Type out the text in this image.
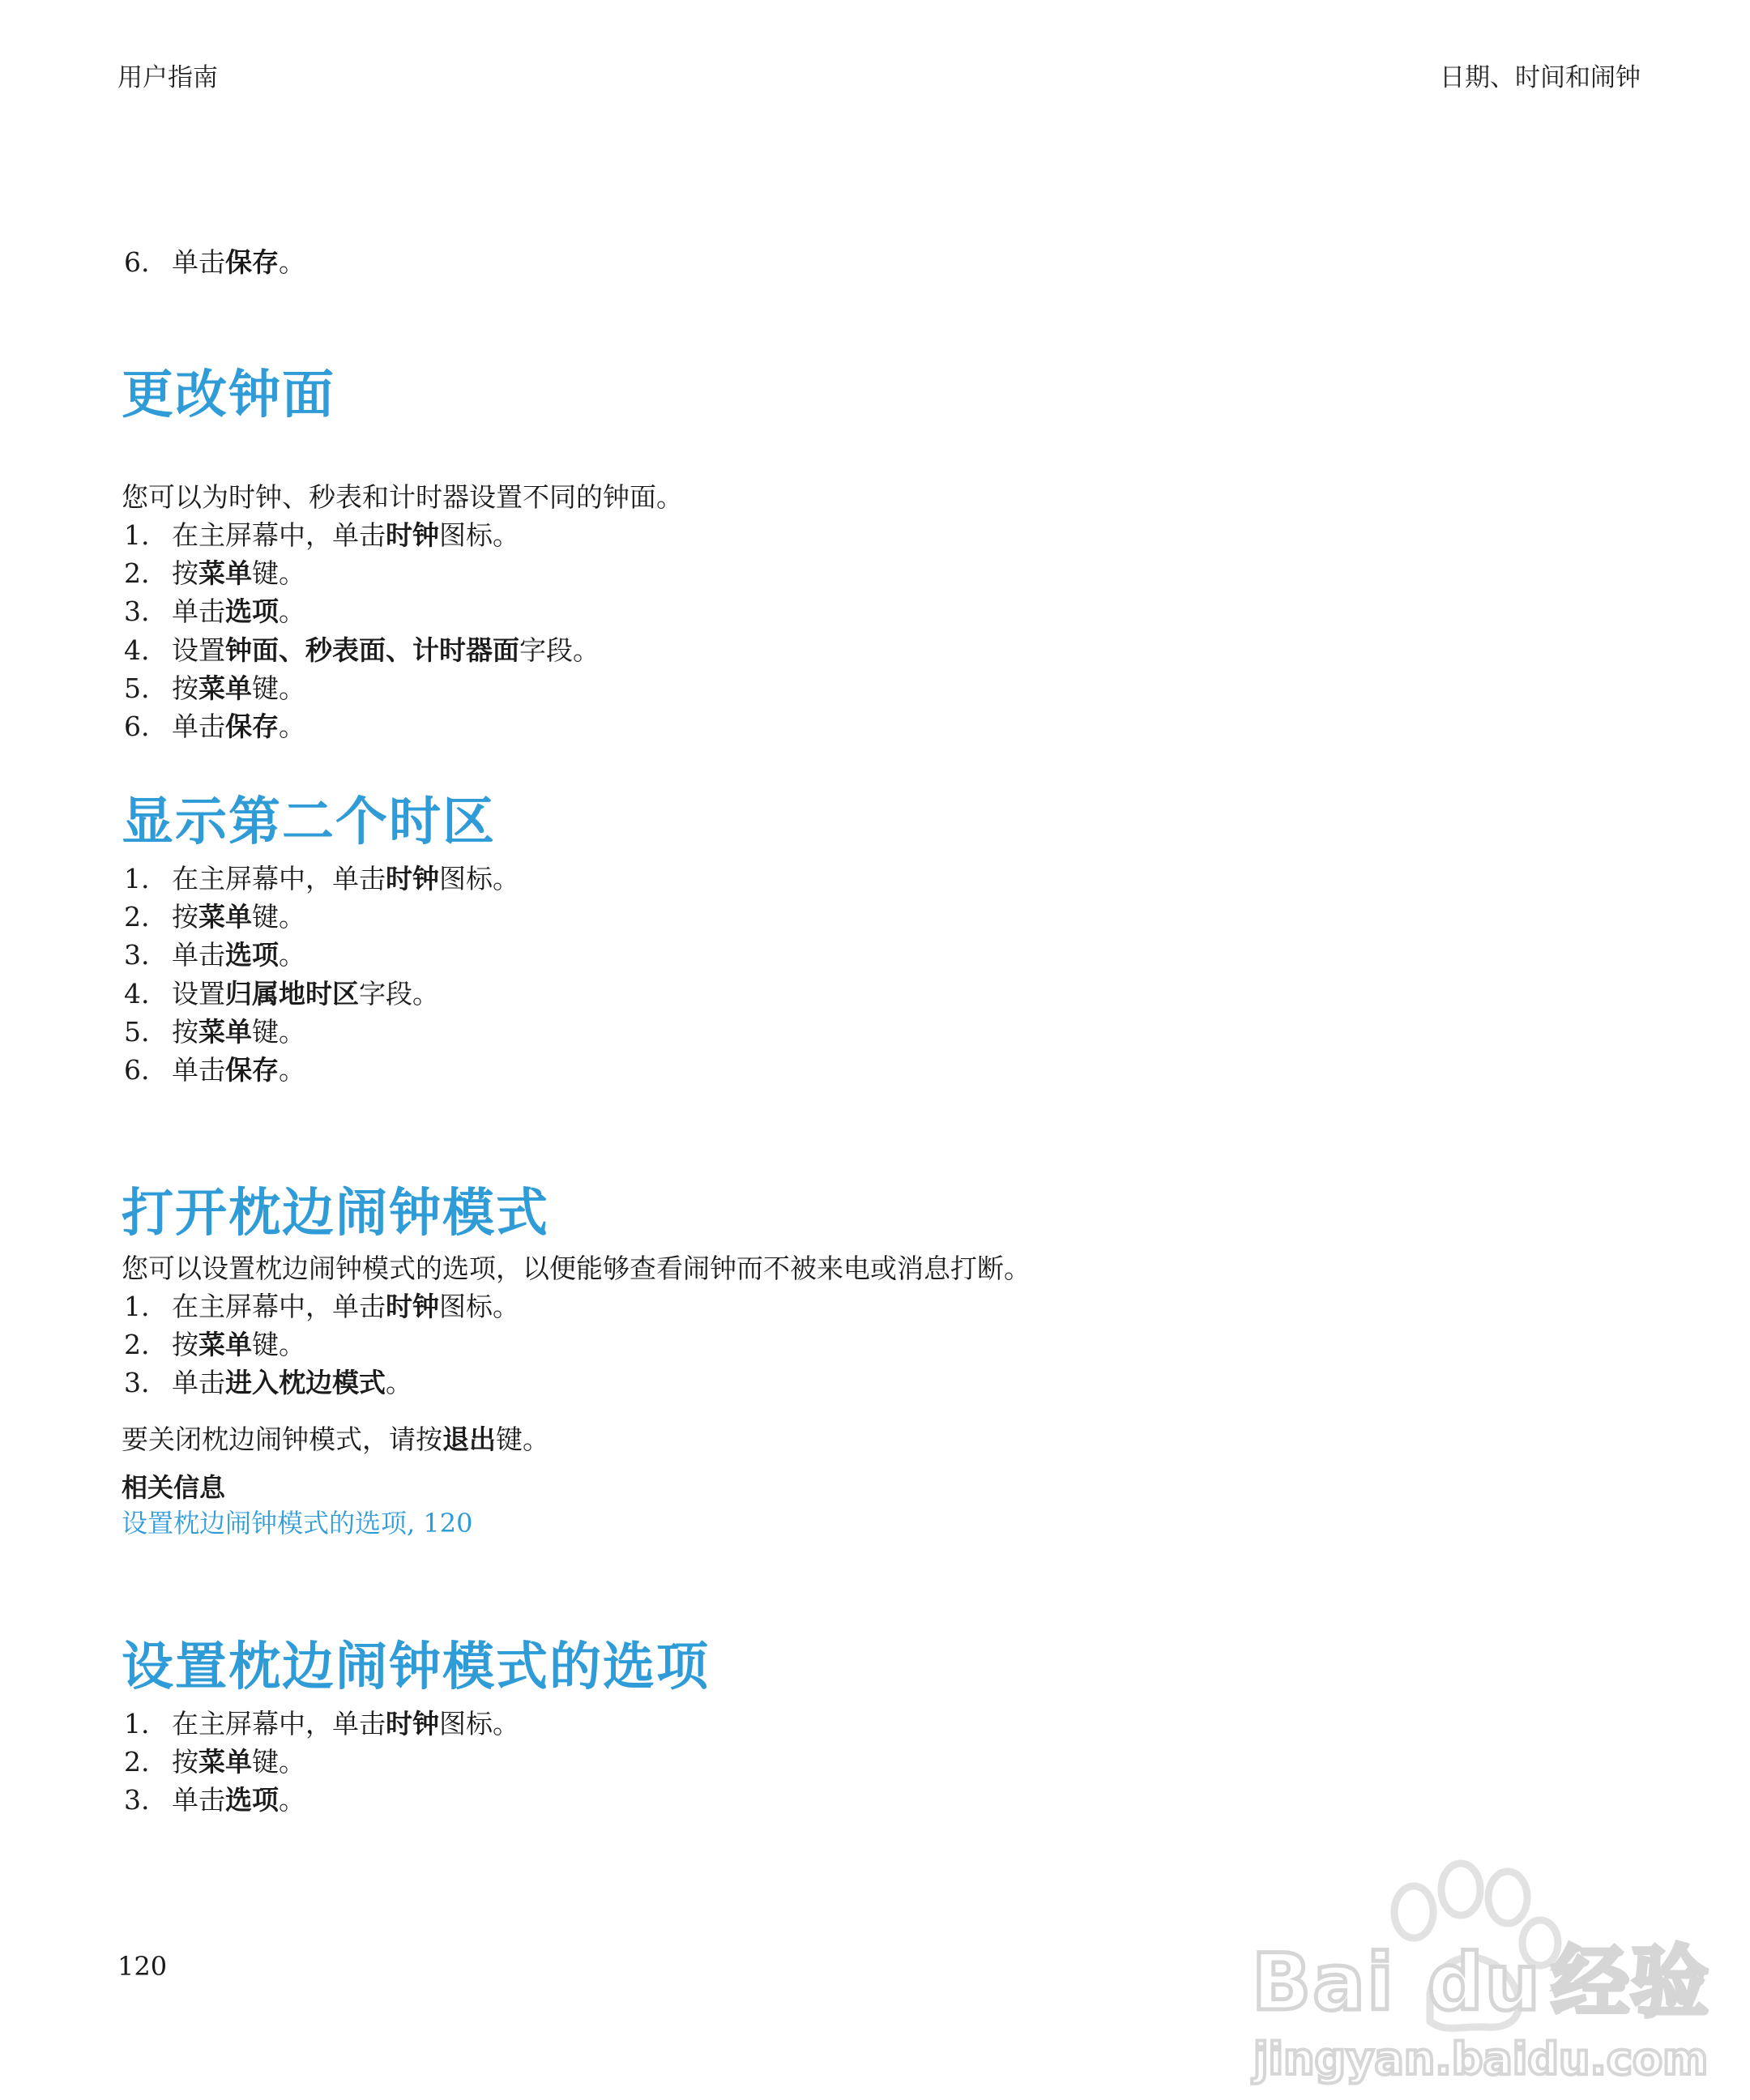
用户指南	日期、时间和闹钟
6. 单击保存。
更改钟面

您可以为时钟、秒表和计时器设置不同的钟面。

1. 在主屏幕中，单击时钟图标。
2. 按菜单键。
3. 单击选项。
4. 设置钟面、秒表面、计时器面字段。
5. 按菜单键。
6. 单击保存。
显示第二个时区
1. 在主屏幕中，单击时钟图标。
2. 按菜单键。
3. 单击选项。
4. 设置归属地时区字段。
5. 按菜单键。
6. 单击保存。
打开枕边闹钟模式

您可以设置枕边闹钟模式的选项，以便能够查看闹钟而不被来电或消息打断。

1. 在主屏幕中，单击时钟图标。
2. 按菜单键。
3. 单击进入枕边模式。

要关闭枕边闹钟模式，请按退出键。

相关信息

设置枕边闹钟模式的选项, 120
设置枕边闹钟模式的选项
1. 在主屏幕中，单击时钟图标。
2. 按菜单键。
3. 单击选项。
120	Bai du 经验
jingyan.baidu.com
